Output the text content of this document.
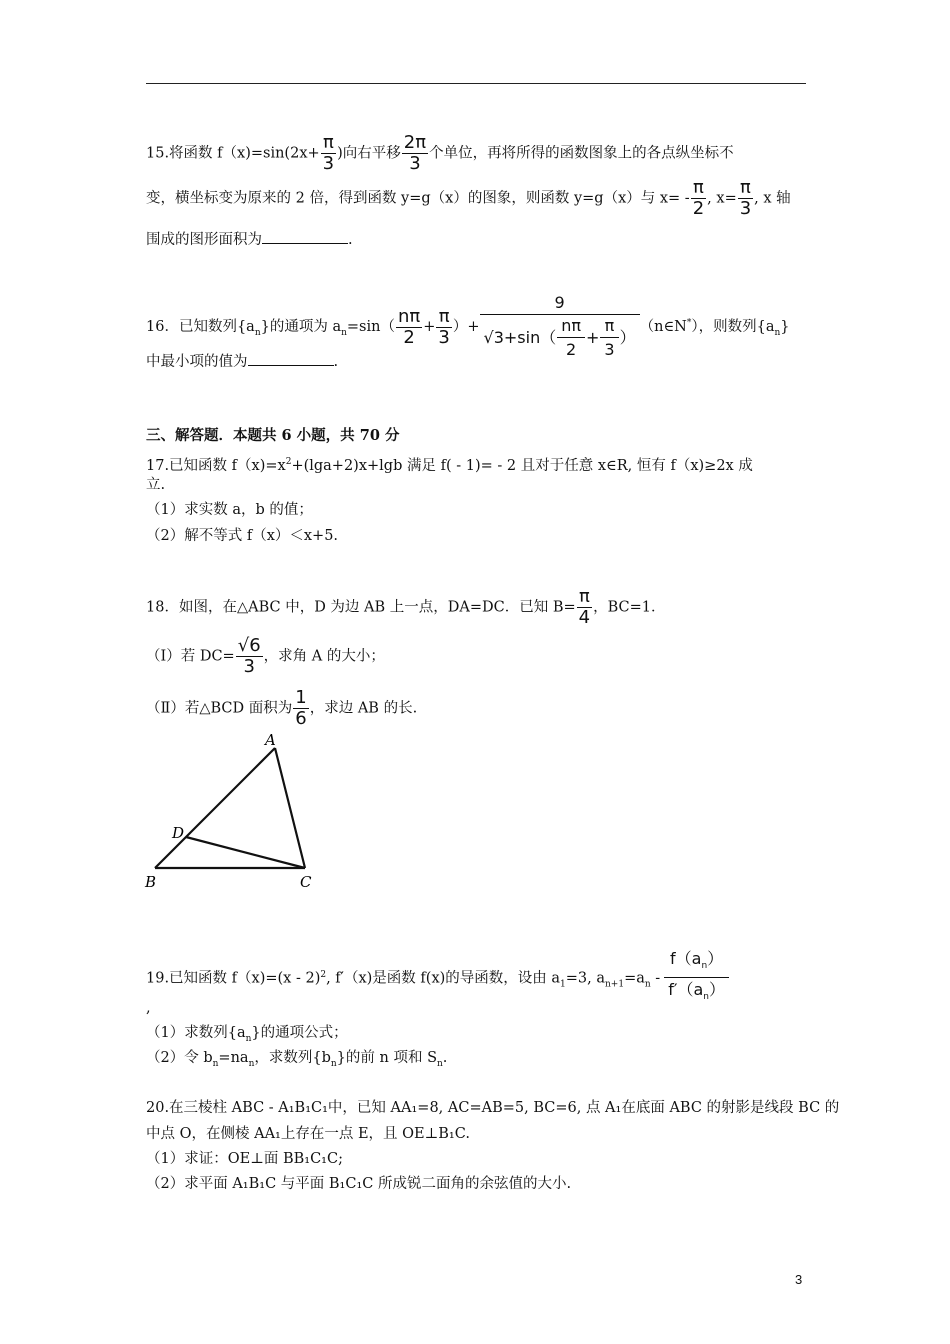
15.将函数 $f(x)=\sin(2x+ \frac{\pi}{3}$ )向右平移 $\frac{2\pi}{3}$ 个单位，再将所得的函数图象上的各点纵坐标不
变，横坐标变为原来的 2 倍，得到函数 y=g（x）的图象，则函数 y=g（x）与 $x= - \frac{\pi}{2}$ , $x= \frac{\pi}{3}$ , x 轴
围成的图形面积为	.
16．已知数列$\{a_n\}$的通项为 $a_n=\sin( \frac{n\pi}{2} + \frac{\pi}{3}$ ）+ $\frac{9}{√3+\sin( \frac{n\pi}{2} + \frac{\pi}{3} )}$ （n∈N*），则数列$\{a_n\}$
中最小项的值为	.
三、解答题．本题共 6 小题，共 70 分
17.已知函数 $f(x)=x^2+(\lg a+2)x+\lg b$ 满足 f( - 1)= - 2 且对于任意 x∈R, 恒有 f（x)≥2x 成
立.
（1）求实数 a，b 的值；
（2）解不等式 f（x）＜x+5.
18．如图，在△ABC 中，D 为边 AB 上一点，DA=DC．已知 $B= \frac{\pi}{4}$ ，BC=1．
（Ⅰ）若 $DC= \frac{√6}{3}$ ，求角 A 的大小；
（Ⅱ）若△BCD 面积为 $\frac{1}{6}$ ，求边 AB 的长.
A
B	C
D
19.已知函数 f（x)=(x - 2)$^2$, f′（x)是函数 f(x)的导函数，设由 $a_1=3$, $a_{n+1}=a_n - \frac{f(a_n)}{f'(a_n)}$
,
（1）求数列$\{a_n\}$的通项公式；
（2）令 $b_n=na_n$，求数列$\{b_n\}$的前 n 项和 $S_n$.
20.在三棱柱 ABC - A₁B₁C₁中，已知 AA₁=8, AC=AB=5, BC=6, 点 A₁在底面 ABC 的射影是线段 BC 的
中点 O，在侧棱 AA₁上存在一点 E，且 OE⊥B₁C.
（1）求证：OE⊥面 BB₁C₁C;
（2）求平面 A₁B₁C 与平面 B₁C₁C 所成锐二面角的余弦值的大小.
3
